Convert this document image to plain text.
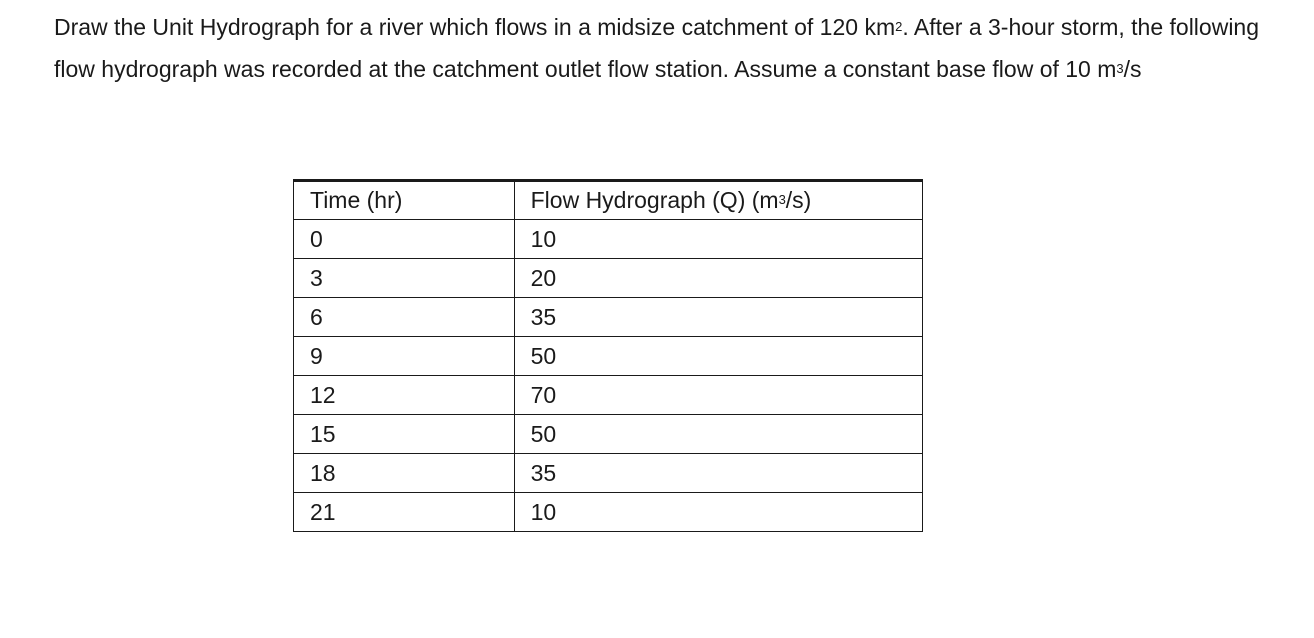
Draw the Unit Hydrograph for a river which flows in a midsize catchment of 120 $km^2$. After a 3-hour storm, the following flow hydrograph was recorded at the catchment outlet flow station. Assume a constant base flow of 10 $m^3/s$

Time (hr)	Flow Hydrograph (Q) $(m^3/s)$
0	10
3	20
6	35
9	50
12	70
15	50
18	35
21	10
